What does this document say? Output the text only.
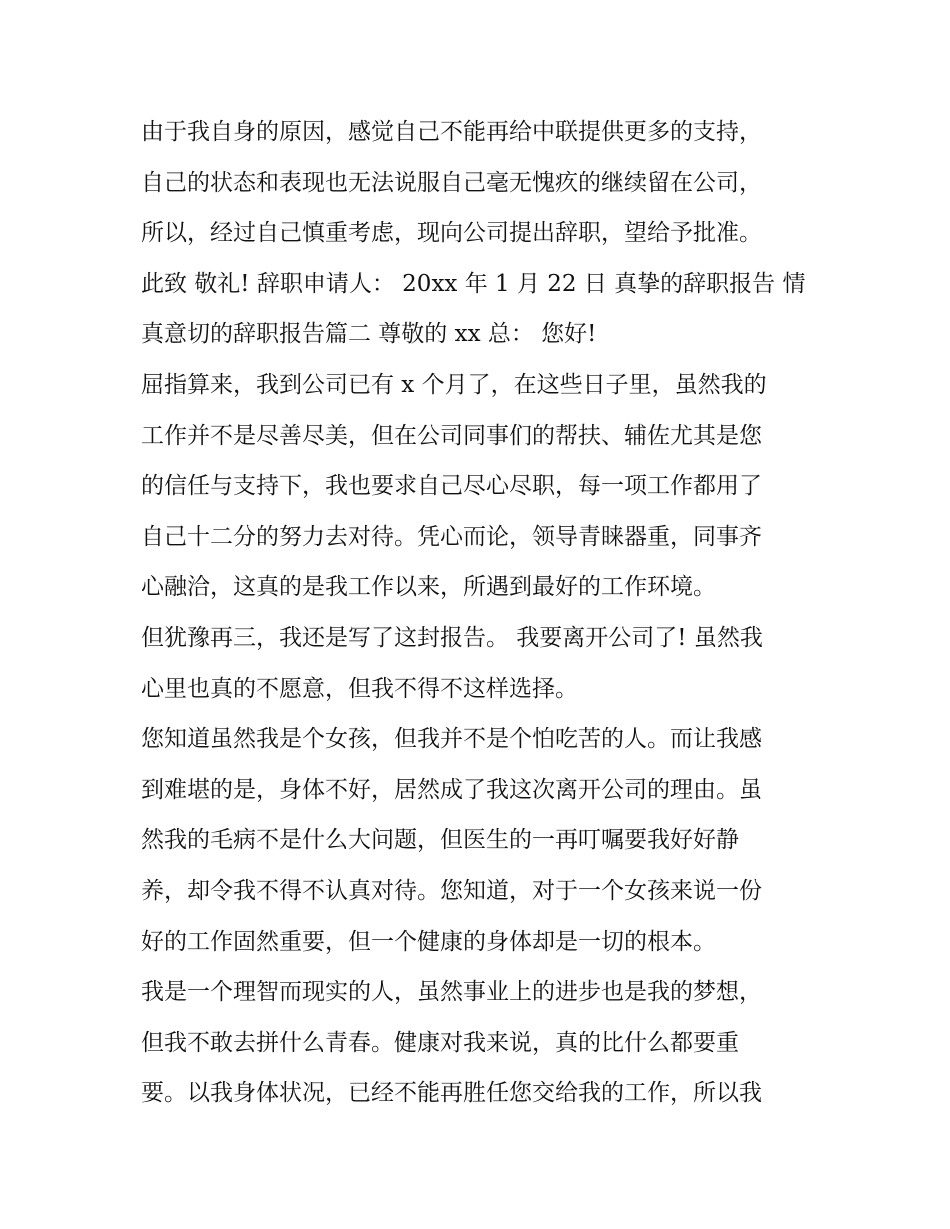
由于我自身的原因，感觉自己不能再给中联提供更多的支持，
自己的状态和表现也无法说服自己毫无愧疚的继续留在公司，
所以，经过自己慎重考虑，现向公司提出辞职，望给予批准。
此致 敬礼! 辞职申请人： 20xx 年 1 月 22 日 真挚的辞职报告 情
真意切的辞职报告篇二 尊敬的 xx 总： 您好!

屈指算来，我到公司已有 x 个月了，在这些日子里，虽然我的
工作并不是尽善尽美，但在公司同事们的帮扶、辅佐尤其是您
的信任与支持下，我也要求自己尽心尽职，每一项工作都用了
自己十二分的努力去对待。凭心而论，领导青睐器重，同事齐
心融洽，这真的是我工作以来，所遇到最好的工作环境。

但犹豫再三，我还是写了这封报告。 我要离开公司了! 虽然我
心里也真的不愿意，但我不得不这样选择。

您知道虽然我是个女孩，但我并不是个怕吃苦的人。而让我感
到难堪的是，身体不好，居然成了我这次离开公司的理由。虽
然我的毛病不是什么大问题，但医生的一再叮嘱要我好好静
养，却令我不得不认真对待。您知道，对于一个女孩来说一份
好的工作固然重要，但一个健康的身体却是一切的根本。

我是一个理智而现实的人，虽然事业上的进步也是我的梦想，
但我不敢去拼什么青春。健康对我来说，真的比什么都要重
要。以我身体状况，已经不能再胜任您交给我的工作，所以我
